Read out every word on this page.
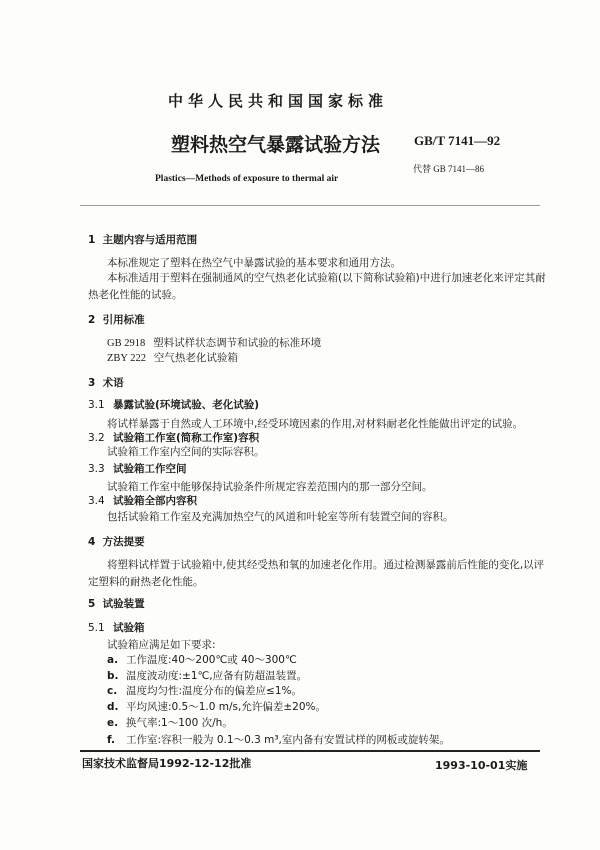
中华人民共和国国家标准
GB/T 7141—92
塑料热空气暴露试验方法
代替 GB 7141—86
Plastics—Methods of exposure to thermal air
1  主题内容与适用范围
本标准规定了塑料在热空气中暴露试验的基本要求和通用方法。
本标准适用于塑料在强制通风的空气热老化试验箱(以下简称试验箱)中进行加速老化来评定其耐
热老化性能的试验。
2  引用标准
GB 2918   塑料试样状态调节和试验的标准环境
ZBY 222   空气热老化试验箱
3  术语
3.1 暴露试验(环境试验、老化试验)
将试样暴露于自然或人工环境中,经受环境因素的作用,对材料耐老化性能做出评定的试验。
3.2 试验箱工作室(简称工作室)容积
试验箱工作室内空间的实际容积。
3.3 试验箱工作空间
试验箱工作室中能够保持试验条件所规定容差范围内的那一部分空间。
3.4 试验箱全部内容积
包括试验箱工作室及充满加热空气的风道和叶轮室等所有装置空间的容积。
4  方法提要
将塑料试样置于试验箱中,使其经受热和氧的加速老化作用。通过检测暴露前后性能的变化,以评
定塑料的耐热老化性能。
5  试验装置
5.1 试验箱
试验箱应满足如下要求:
a. 工作温度:40～200℃或 40～300℃
b. 温度波动度:±1℃,应备有防超温装置。
c. 温度均匀性:温度分布的偏差应≤1%。
d. 平均风速:0.5～1.0 m/s,允许偏差±20%。
e. 换气率:1～100 次/h。
f. 工作室:容积一般为 0.1～0.3 m³,室内备有安置试样的网板或旋转架。
国家技术监督局1992-12-12批准	1993-10-01实施
